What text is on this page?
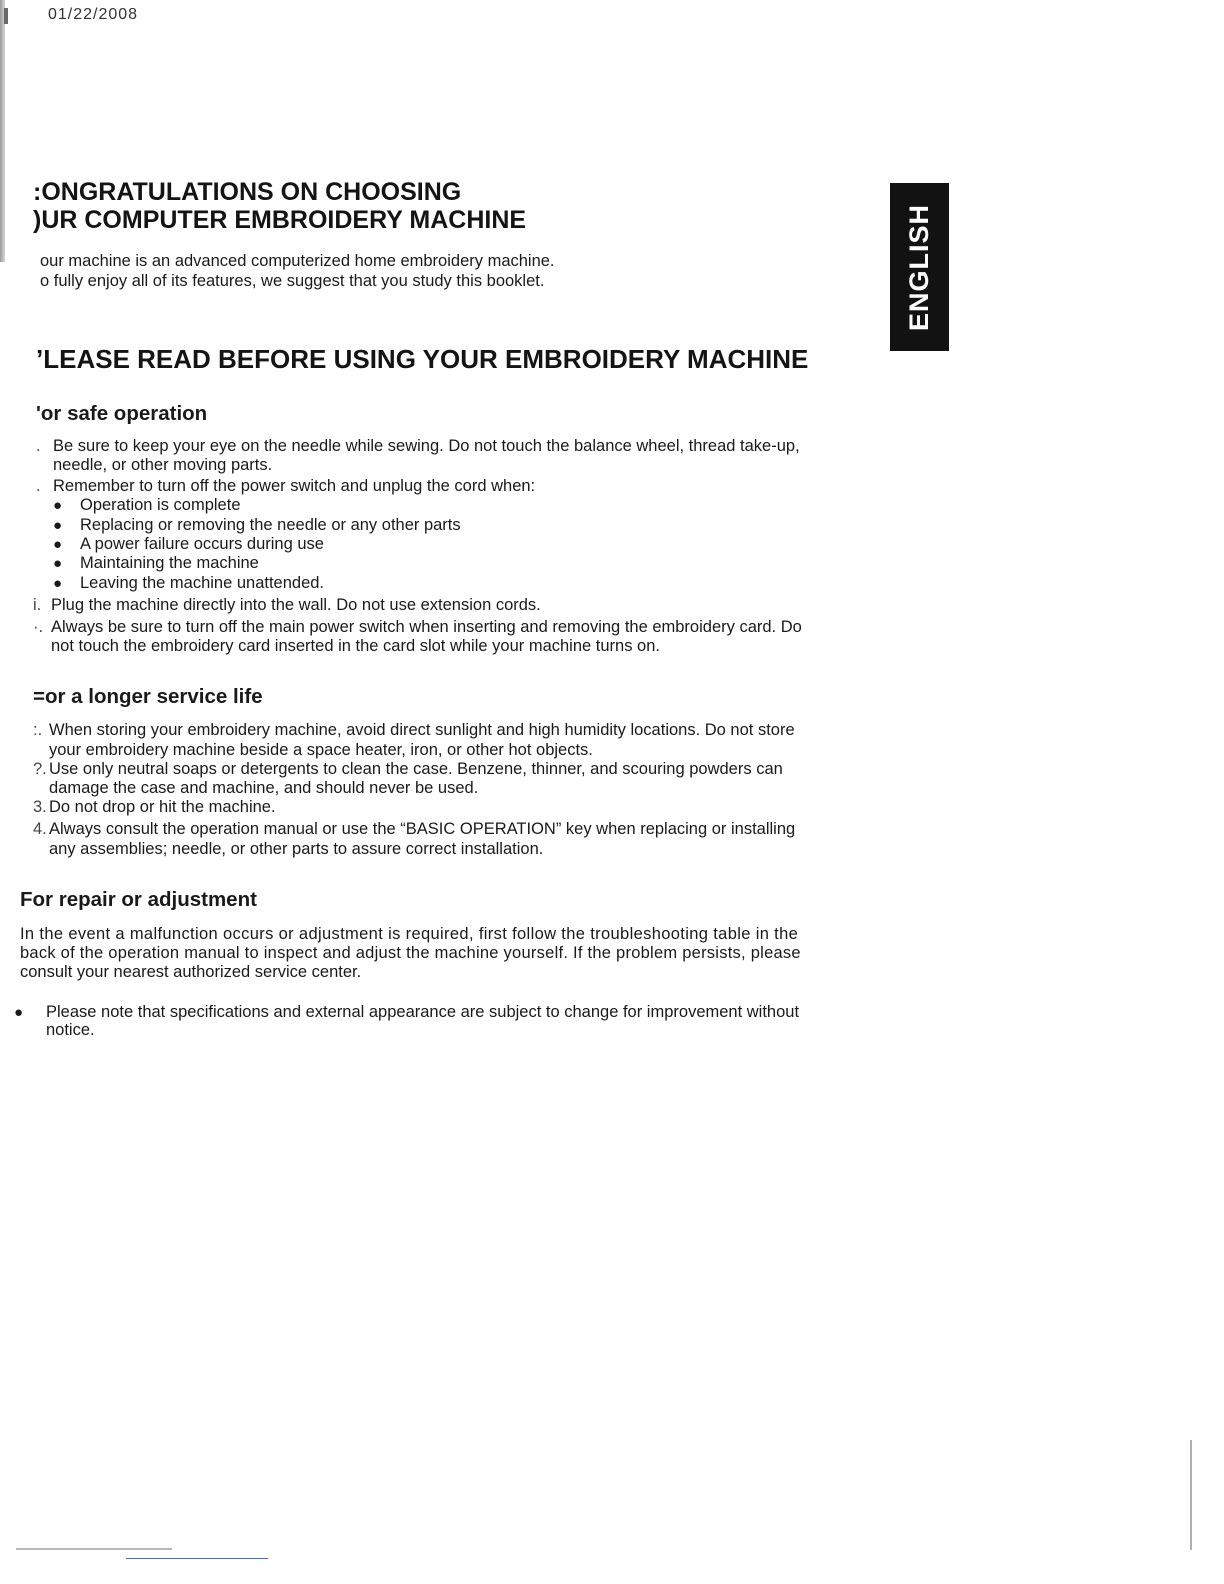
01/22/2008
ENGLISH
:ONGRATULATIONS ON CHOOSING
)UR COMPUTER EMBROIDERY MACHINE
our machine is an advanced computerized home embroidery machine.
o fully enjoy all of its features, we suggest that you study this booklet.
’LEASE READ BEFORE USING YOUR EMBROIDERY MACHINE
'or safe operation
. Be sure to keep your eye on the needle while sewing. Do not touch the balance wheel, thread take-up,
needle, or other moving parts.
. Remember to turn off the power switch and unplug the cord when:
● Operation is complete
● Replacing or removing the needle or any other parts
● A power failure occurs during use
● Maintaining the machine
● Leaving the machine unattended.
i. Plug the machine directly into the wall. Do not use extension cords.
·. Always be sure to turn off the main power switch when inserting and removing the embroidery card. Do
not touch the embroidery card inserted in the card slot while your machine turns on.
=or a longer service life
:. When storing your embroidery machine, avoid direct sunlight and high humidity locations. Do not store
your embroidery machine beside a space heater, iron, or other hot objects.
?. Use only neutral soaps or detergents to clean the case. Benzene, thinner, and scouring powders can
damage the case and machine, and should never be used.
3. Do not drop or hit the machine.
4. Always consult the operation manual or use the “BASIC OPERATION” key when replacing or installing
any assemblies; needle, or other parts to assure correct installation.
For repair or adjustment
In the event a malfunction occurs or adjustment is required, first follow the troubleshooting table in the
back of the operation manual to inspect and adjust the machine yourself. If the problem persists, please
consult your nearest authorized service center.
● Please note that specifications and external appearance are subject to change for improvement without
notice.
